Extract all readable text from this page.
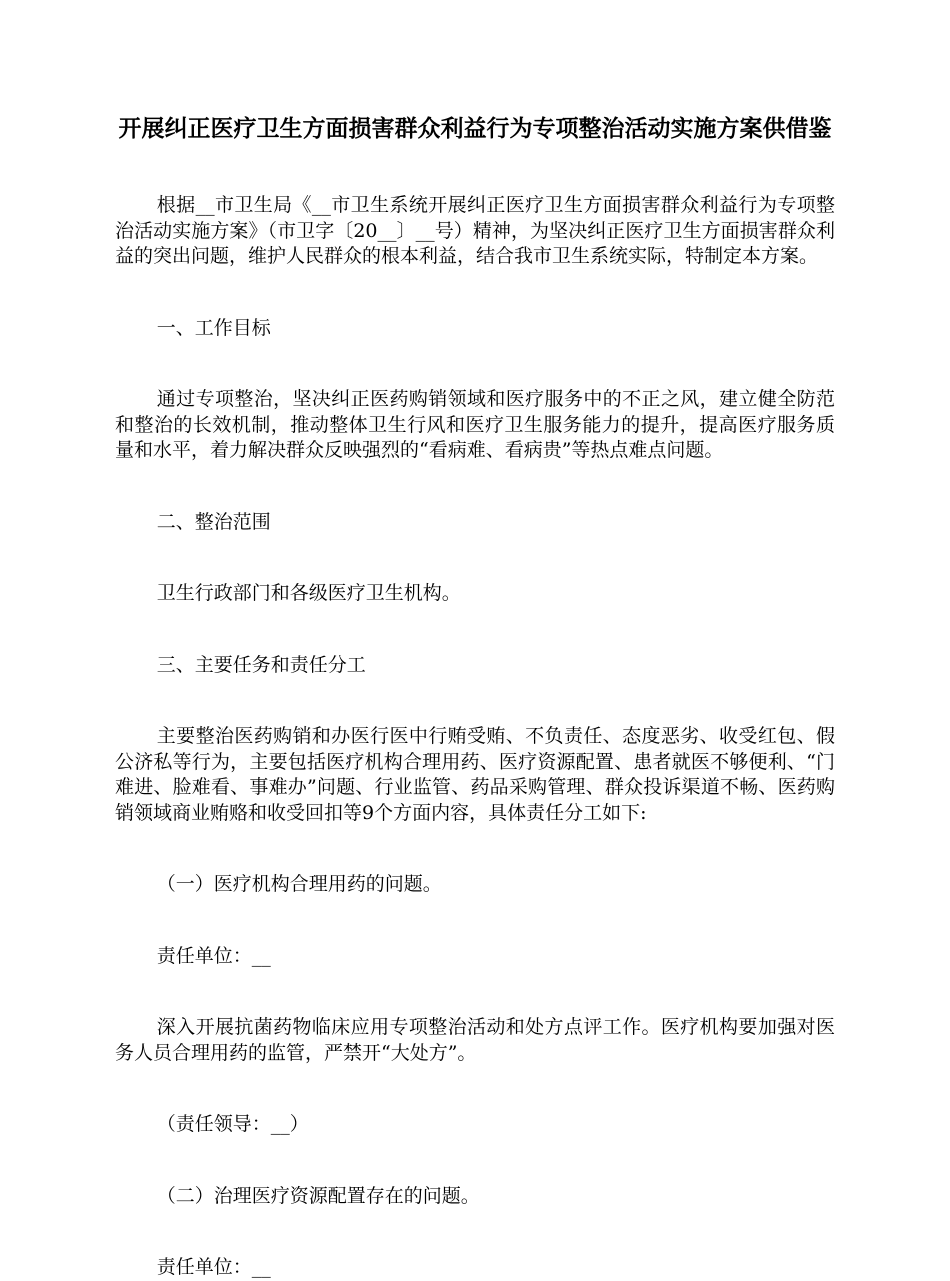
开展纠正医疗卫生方面损害群众利益行为专项整治活动实施方案供借鉴

根据__市卫生局《__市卫生系统开展纠正医疗卫生方面损害群众利益行为专项整治活动实施方案》（市卫字〔20__〕__号）精神，为坚决纠正医疗卫生方面损害群众利益的突出问题，维护人民群众的根本利益，结合我市卫生系统实际，特制定本方案。

一、工作目标

通过专项整治，坚决纠正医药购销领域和医疗服务中的不正之风，建立健全防范和整治的长效机制，推动整体卫生行风和医疗卫生服务能力的提升，提高医疗服务质量和水平，着力解决群众反映强烈的“看病难、看病贵”等热点难点问题。

二、整治范围

卫生行政部门和各级医疗卫生机构。

三、主要任务和责任分工

主要整治医药购销和办医行医中行贿受贿、不负责任、态度恶劣、收受红包、假公济私等行为，主要包括医疗机构合理用药、医疗资源配置、患者就医不够便利、“门难进、脸难看、事难办”问题、行业监管、药品采购管理、群众投诉渠道不畅、医药购销领域商业贿赂和收受回扣等9个方面内容，具体责任分工如下:

（一）医疗机构合理用药的问题。

责任单位：__

深入开展抗菌药物临床应用专项整治活动和处方点评工作。医疗机构要加强对医务人员合理用药的监管，严禁开“大处方”。

（责任领导：__）

（二）治理医疗资源配置存在的问题。

责任单位：__
